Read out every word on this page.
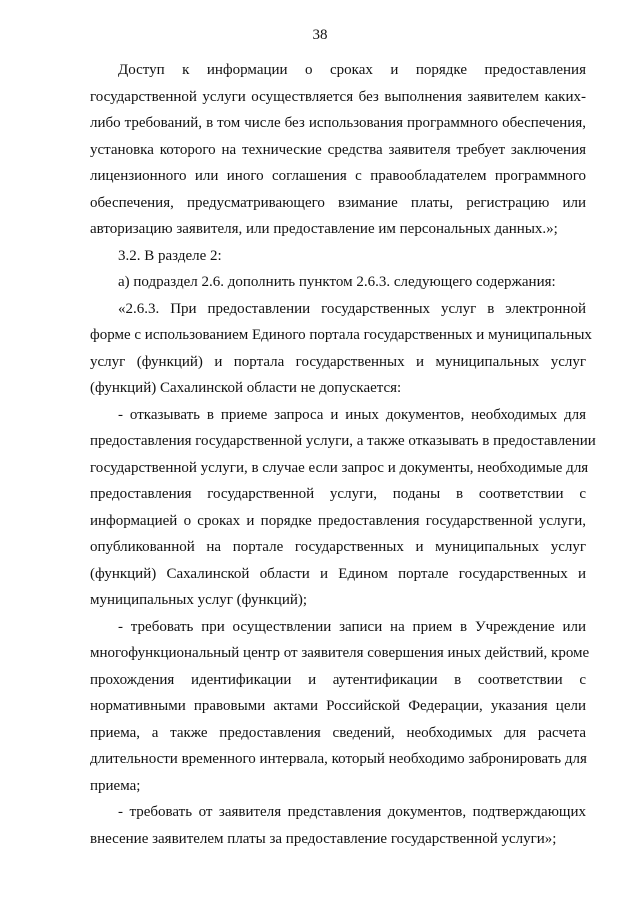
38
Доступ к информации о сроках и порядке предоставления
государственной услуги осуществляется без выполнения заявителем каких-
либо требований, в том числе без использования программного обеспечения,
установка которого на технические средства заявителя требует заключения
лицензионного или иного соглашения с правообладателем программного
обеспечения, предусматривающего взимание платы, регистрацию или
авторизацию заявителя, или предоставление им персональных данных.»;
3.2. В разделе 2:
а) подраздел 2.6. дополнить пунктом 2.6.3. следующего содержания:
«2.6.3. При предоставлении государственных услуг в электронной
форме с использованием Единого портала государственных и муниципальных
услуг (функций) и портала государственных и муниципальных услуг
(функций) Сахалинской области не допускается:
- отказывать в приеме запроса и иных документов, необходимых для
предоставления государственной услуги, а также отказывать в предоставлении
государственной услуги, в случае если запрос и документы, необходимые для
предоставления государственной услуги, поданы в соответствии с
информацией о сроках и порядке предоставления государственной услуги,
опубликованной на портале государственных и муниципальных услуг
(функций) Сахалинской области и Едином портале государственных и
муниципальных услуг (функций);
- требовать при осуществлении записи на прием в Учреждение или
многофункциональный центр от заявителя совершения иных действий, кроме
прохождения идентификации и аутентификации в соответствии с
нормативными правовыми актами Российской Федерации, указания цели
приема, а также предоставления сведений, необходимых для расчета
длительности временного интервала, который необходимо забронировать для
приема;
- требовать от заявителя представления документов, подтверждающих
внесение заявителем платы за предоставление государственной услуги»;
